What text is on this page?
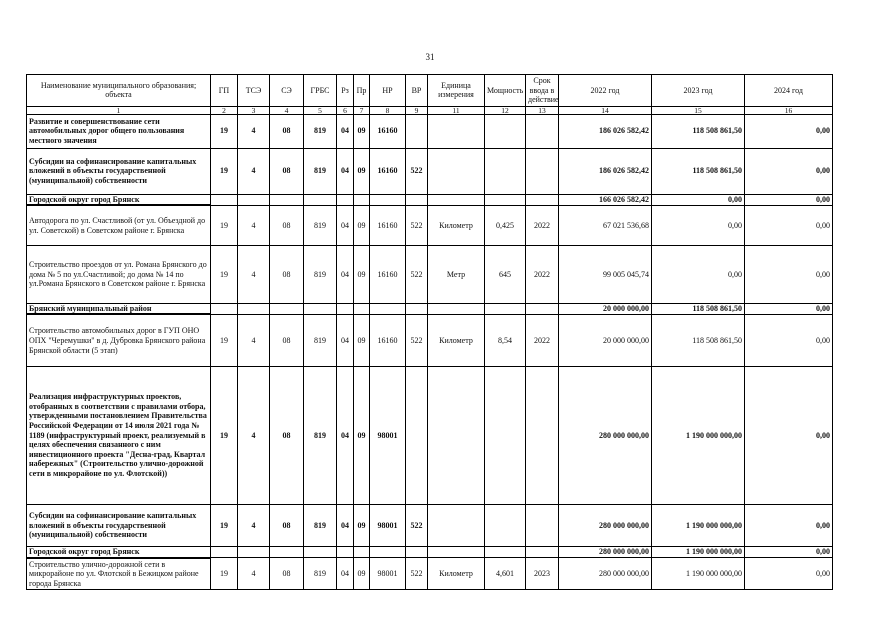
31
Наименование муниципального образования; объекта	ГП	ТСЭ	СЭ	ГРБС	Рз	Пр	НР	ВР	Единица измерения	Мощность	Срок ввода в действие	2022 год	2023 год	2024 год
1	2	3	4	5	6	7	8	9	11	12	13	14	15	16
Развитие и совершенствование сети автомобильных дорог общего пользования местного значения	19	4	08	819	04	09	16160					186 026 582,42	118 508 861,50	0,00
Субсидии на софинансирование капитальных вложений в объекты государственной (муниципальной) собственности	19	4	08	819	04	09	16160	522				186 026 582,42	118 508 861,50	0,00
Городской округ город Брянск												166 026 582,42	0,00	0,00
Автодорога по ул. Счастливой (от ул. Объездной до ул. Советской) в Советском районе г. Брянска	19	4	08	819	04	09	16160	522	Километр	0,425	2022	67 021 536,68	0,00	0,00
Строительство проездов от ул. Романа Брянского до дома № 5 по ул.Счастливой; до дома № 14 по ул.Романа Брянского в Советском районе г. Брянска	19	4	08	819	04	09	16160	522	Метр	645	2022	99 005 045,74	0,00	0,00
Брянский муниципальный район												20 000 000,00	118 508 861,50	0,00
Строительство автомобильных дорог в ГУП ОНО ОПХ "Черемушки" в д. Дубровка Брянского района Брянской области (5 этап)	19	4	08	819	04	09	16160	522	Километр	8,54	2022	20 000 000,00	118 508 861,50	0,00
Реализация инфраструктурных проектов, отобранных в соответствии с правилами отбора, утвержденными постановлением Правительства Российской Федерации от 14 июля 2021 года № 1189 (инфраструктурный проект, реализуемый в целях обеспечения связанного с ним инвестиционного проекта "Десна-град, Квартал набережных" (Строительство улично-дорожной сети в микрорайоне по ул. Флотской))	19	4	08	819	04	09	98001					280 000 000,00	1 190 000 000,00	0,00
Субсидии на софинансирование капитальных вложений в объекты государственной (муниципальной) собственности	19	4	08	819	04	09	98001	522				280 000 000,00	1 190 000 000,00	0,00
Городской округ город Брянск												280 000 000,00	1 190 000 000,00	0,00
Строительство улично-дорожной сети в микрорайоне по ул. Флотской в Бежицком районе города Брянска	19	4	08	819	04	09	98001	522	Километр	4,601	2023	280 000 000,00	1 190 000 000,00	0,00
